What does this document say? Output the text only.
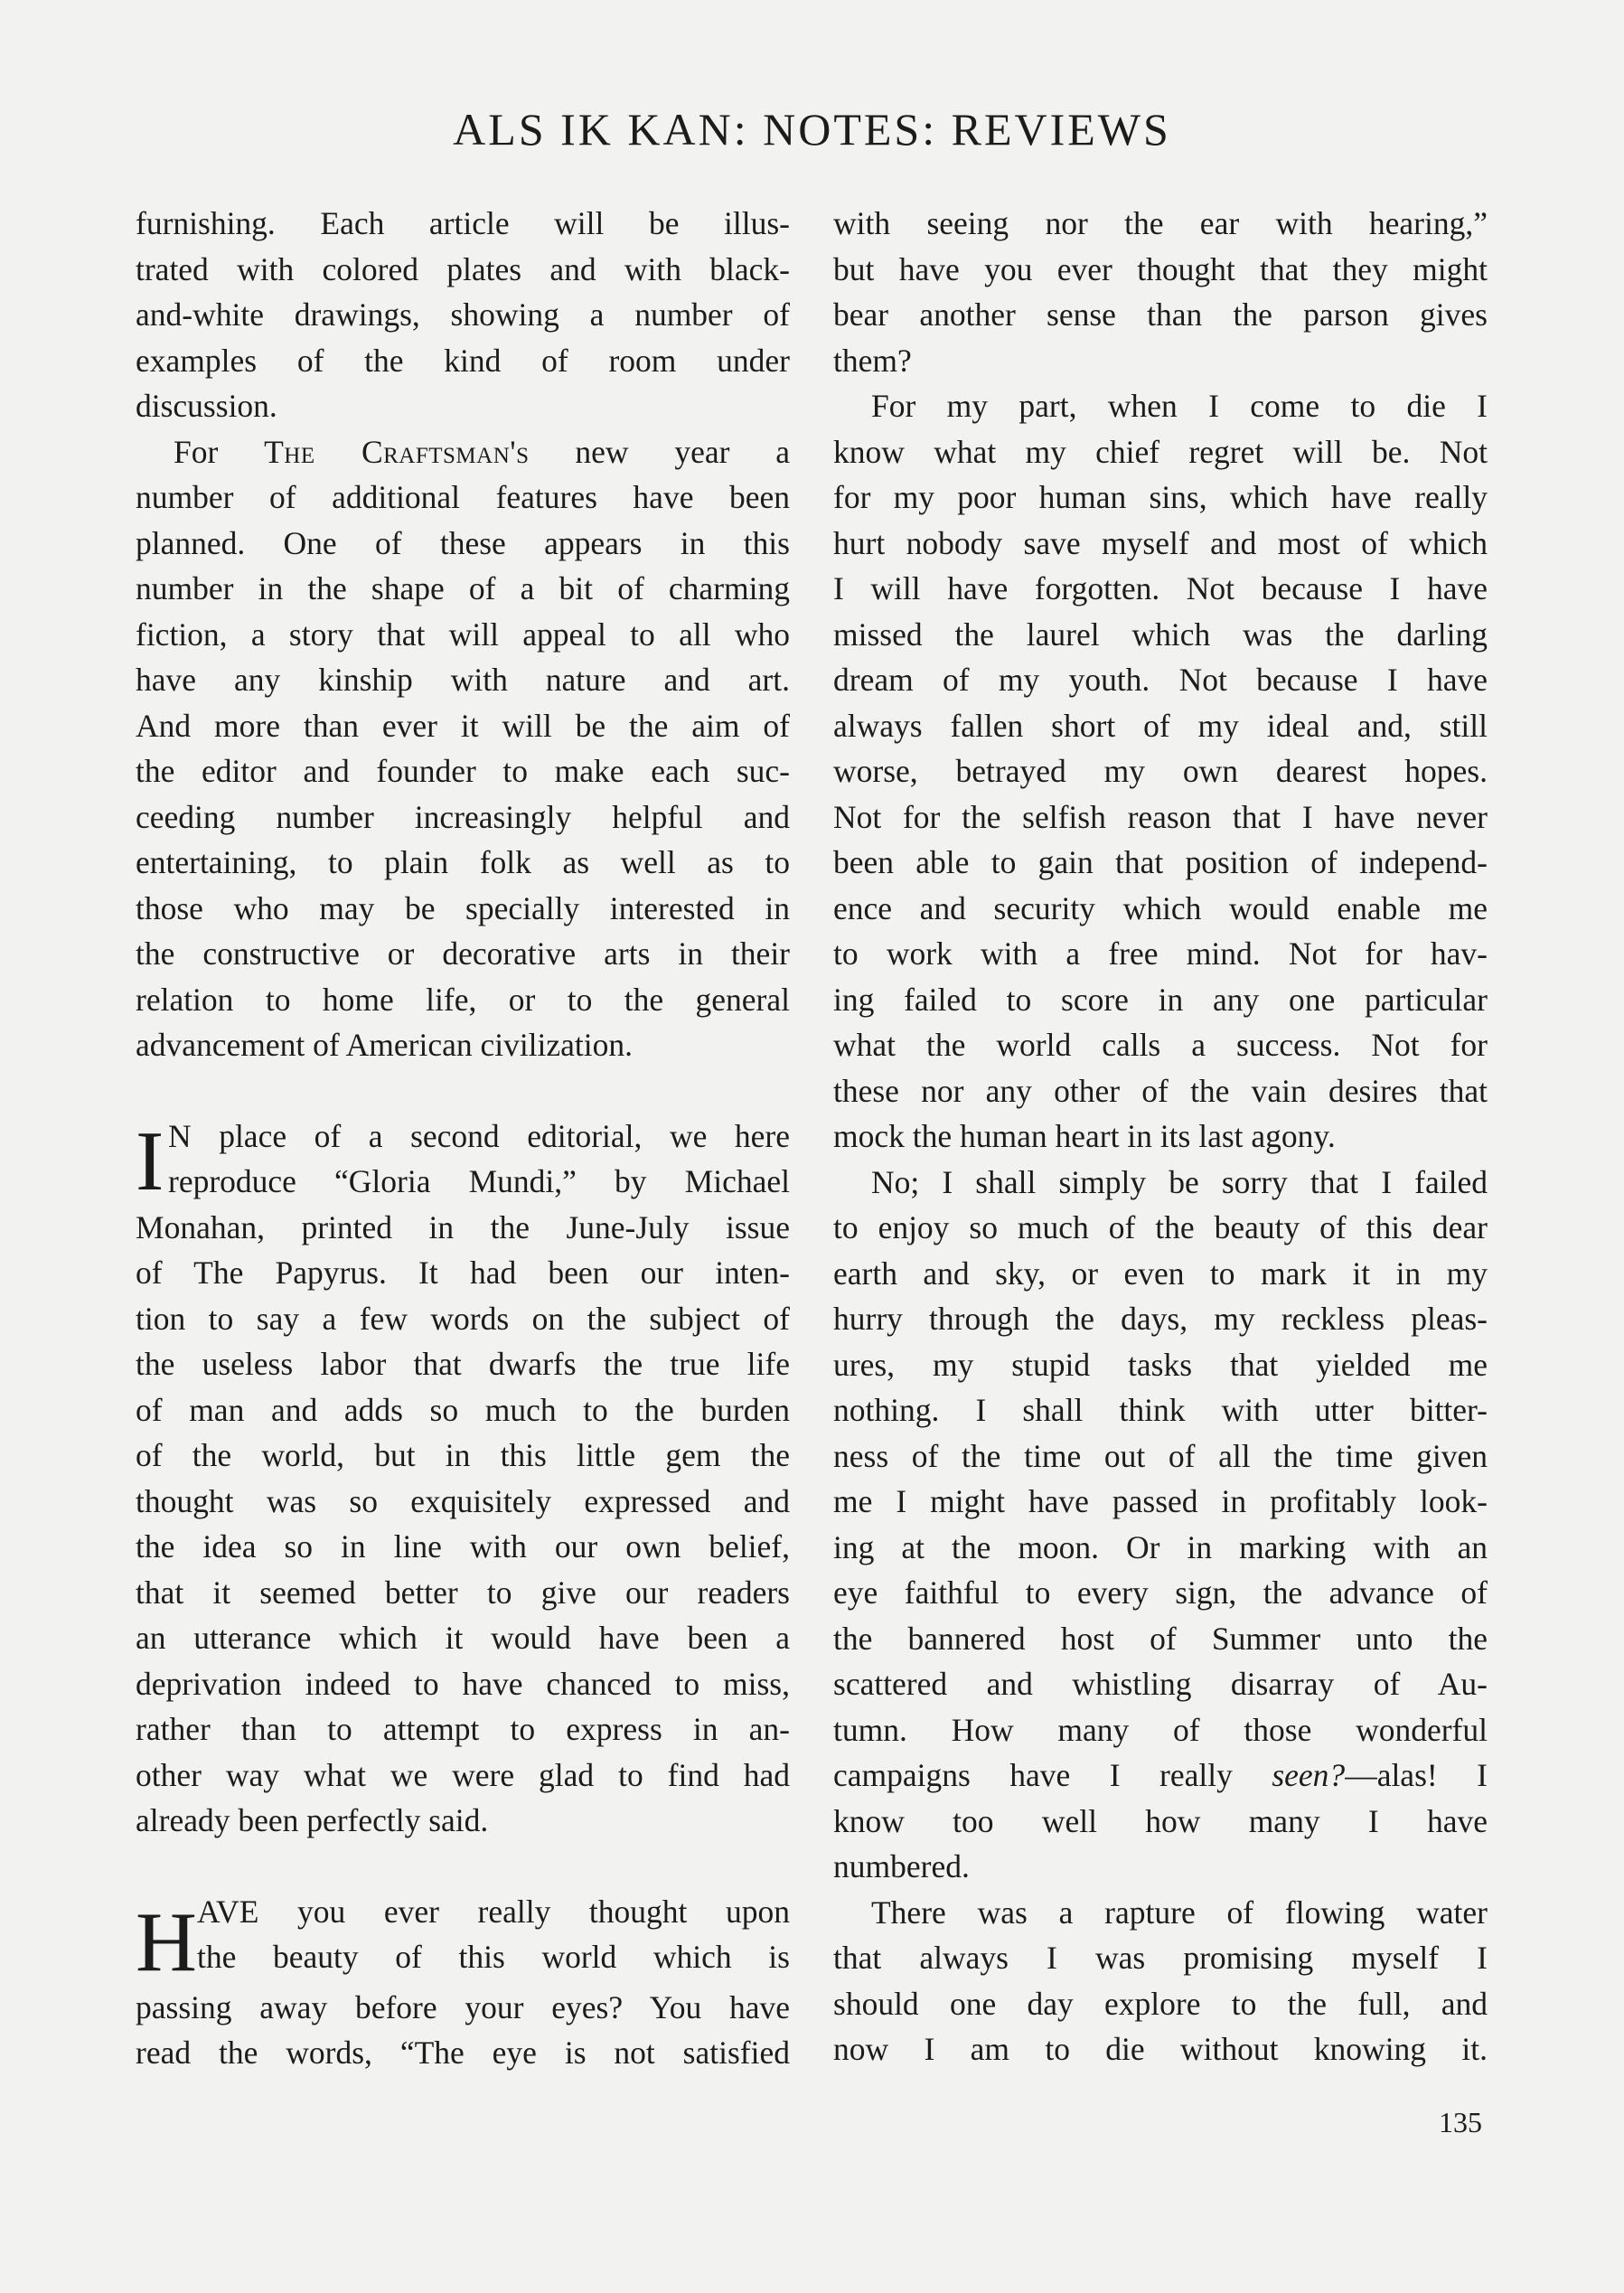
ALS IK KAN: NOTES: REVIEWS
furnishing. Each article will be illus-
trated with colored plates and with black-
and-white drawings, showing a number of
examples of the kind of room under
discussion.
For The Craftsman's new year a
number of additional features have been
planned. One of these appears in this
number in the shape of a bit of charming
fiction, a story that will appeal to all who
have any kinship with nature and art.
And more than ever it will be the aim of
the editor and founder to make each suc-
ceeding number increasingly helpful and
entertaining, to plain folk as well as to
those who may be specially interested in
the constructive or decorative arts in their
relation to home life, or to the general
advancement of American civilization.
I N place of a second editorial, we here
reproduce “Gloria Mundi,” by Michael
Monahan, printed in the June-July issue
of The Papyrus. It had been our inten-
tion to say a few words on the subject of
the useless labor that dwarfs the true life
of man and adds so much to the burden
of the world, but in this little gem the
thought was so exquisitely expressed and
the idea so in line with our own belief,
that it seemed better to give our readers
an utterance which it would have been a
deprivation indeed to have chanced to miss,
rather than to attempt to express in an-
other way what we were glad to find had
already been perfectly said.
H AVE you ever really thought upon
the beauty of this world which is
passing away before your eyes? You have
read the words, “The eye is not satisfied
with seeing nor the ear with hearing,”
but have you ever thought that they might
bear another sense than the parson gives
them?
For my part, when I come to die I
know what my chief regret will be. Not
for my poor human sins, which have really
hurt nobody save myself and most of which
I will have forgotten. Not because I have
missed the laurel which was the darling
dream of my youth. Not because I have
always fallen short of my ideal and, still
worse, betrayed my own dearest hopes.
Not for the selfish reason that I have never
been able to gain that position of independ-
ence and security which would enable me
to work with a free mind. Not for hav-
ing failed to score in any one particular
what the world calls a success. Not for
these nor any other of the vain desires that
mock the human heart in its last agony.
No; I shall simply be sorry that I failed
to enjoy so much of the beauty of this dear
earth and sky, or even to mark it in my
hurry through the days, my reckless pleas-
ures, my stupid tasks that yielded me
nothing. I shall think with utter bitter-
ness of the time out of all the time given
me I might have passed in profitably look-
ing at the moon. Or in marking with an
eye faithful to every sign, the advance of
the bannered host of Summer unto the
scattered and whistling disarray of Au-
tumn. How many of those wonderful
campaigns have I really seen?—alas! I
know too well how many I have
numbered.
There was a rapture of flowing water
that always I was promising myself I
should one day explore to the full, and
now I am to die without knowing it.
135
